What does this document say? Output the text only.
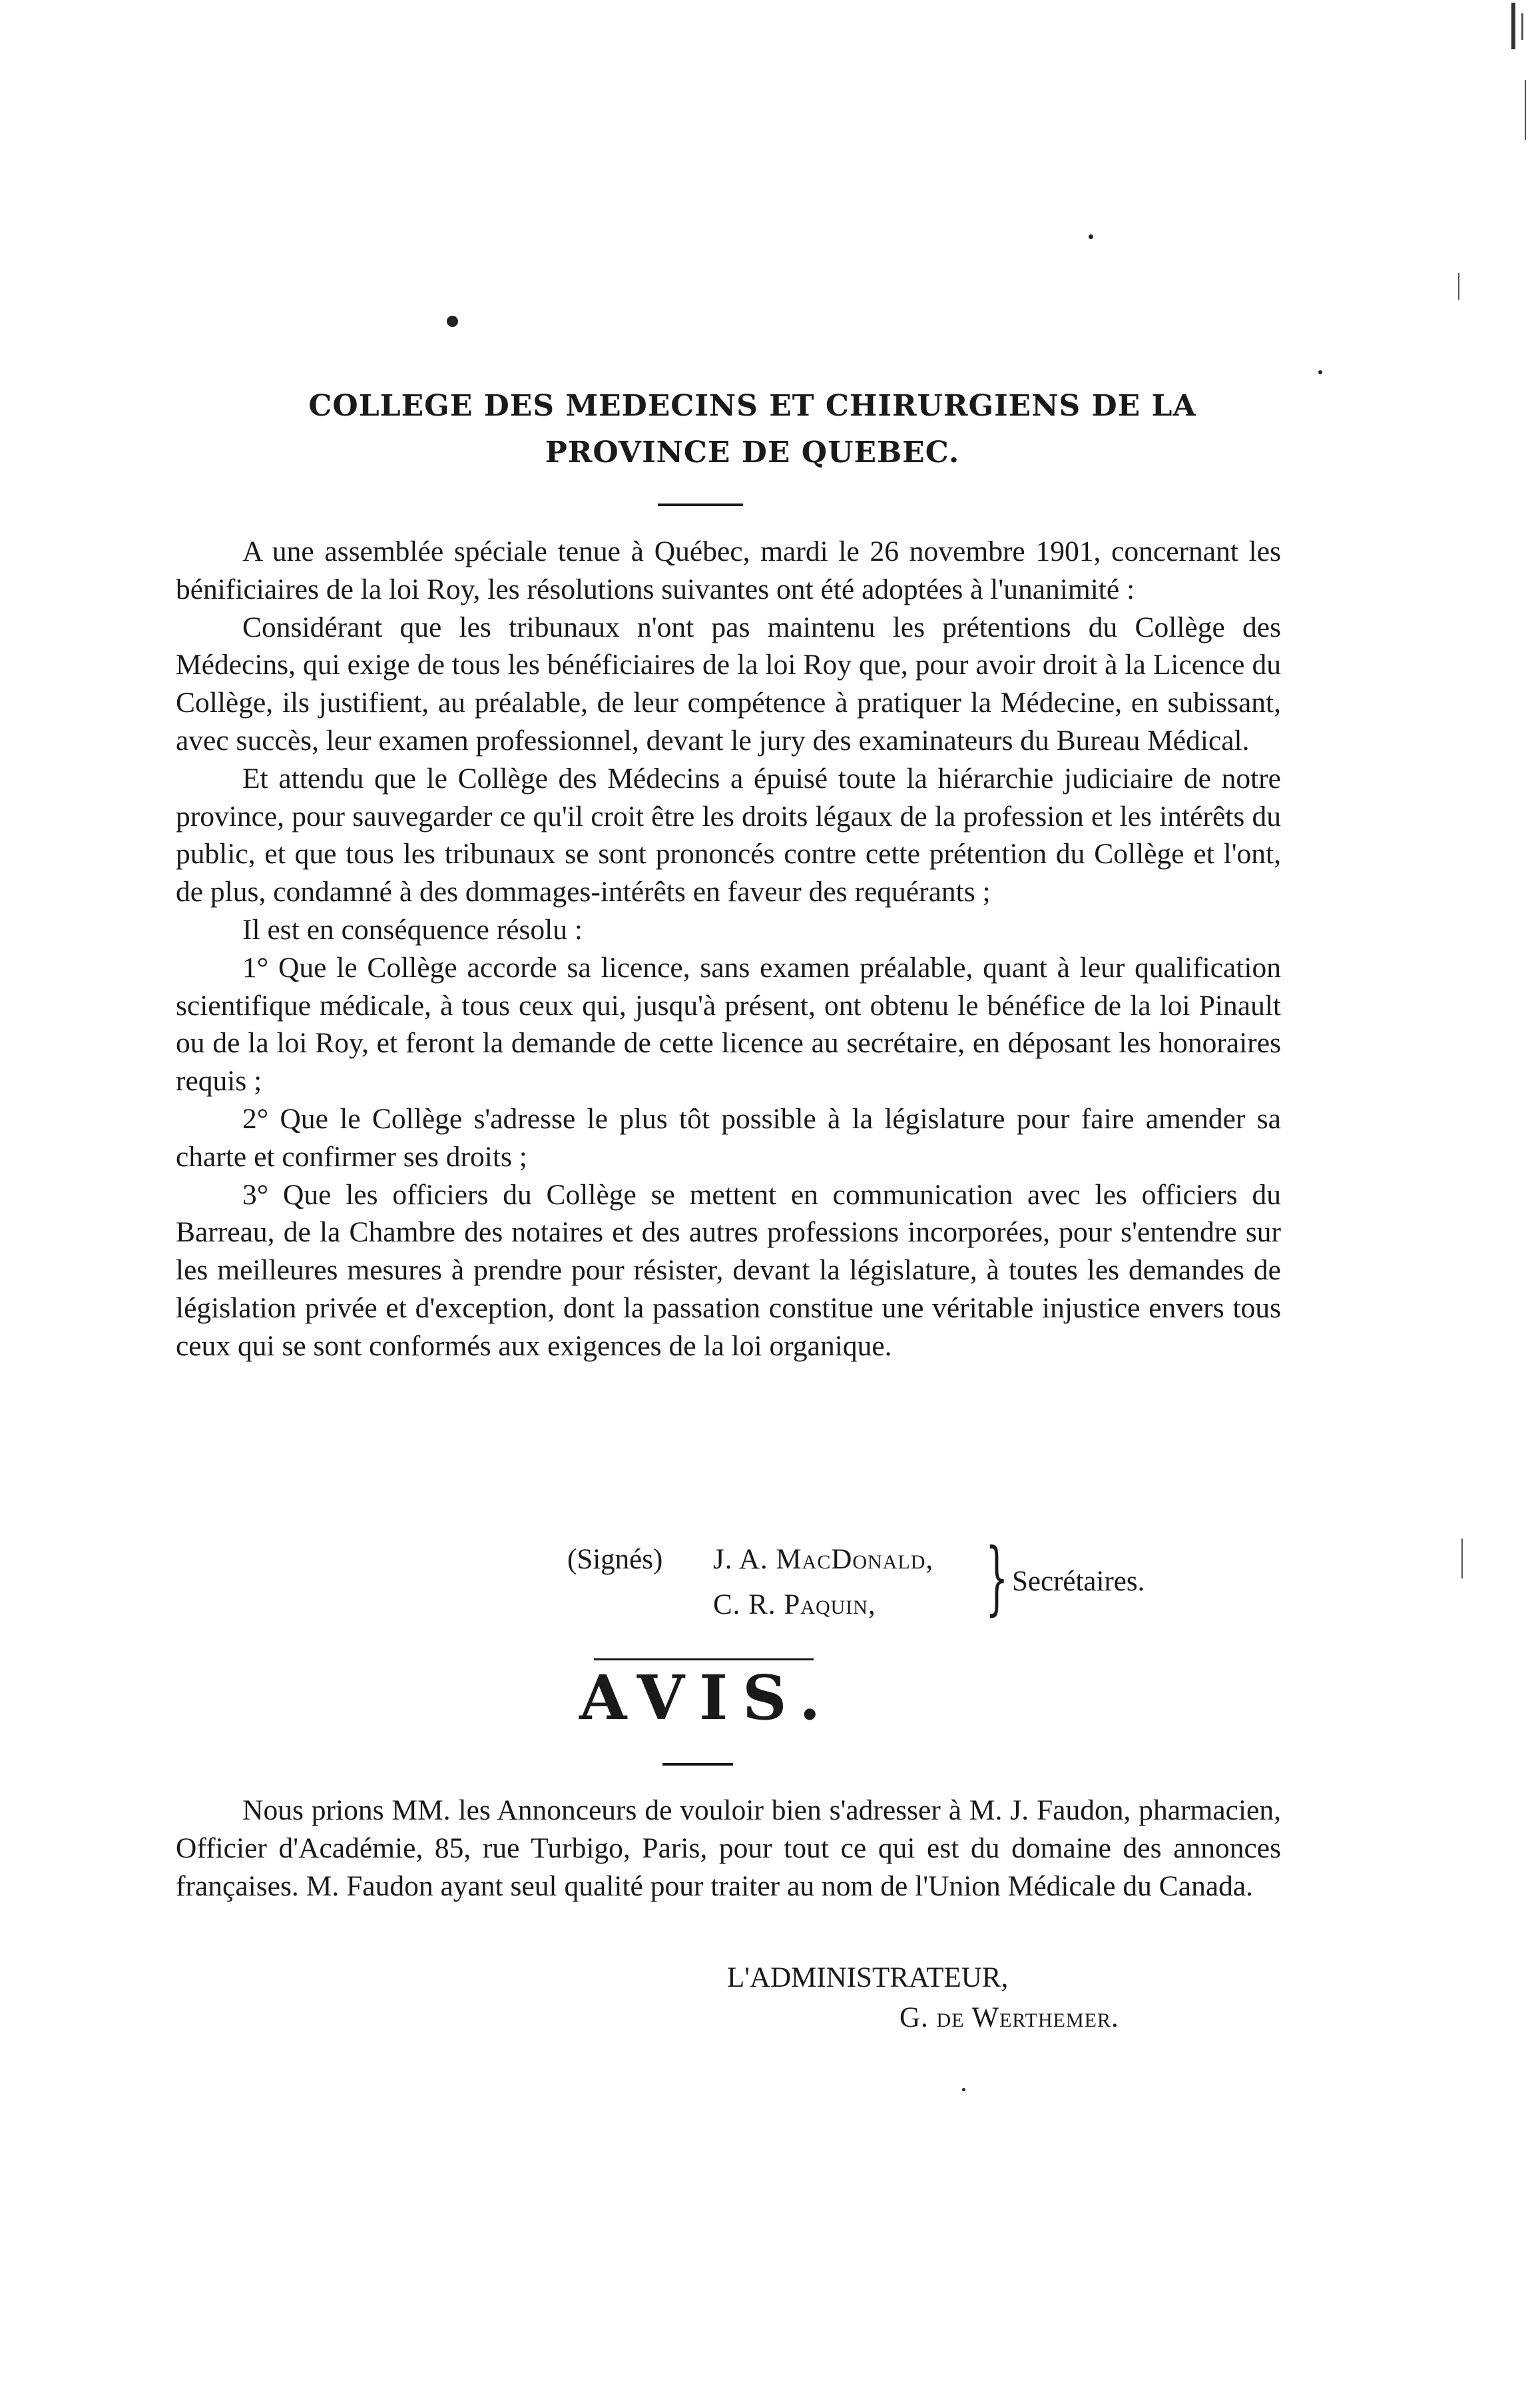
COLLEGE DES MEDECINS ET CHIRURGIENS DE LA
PROVINCE DE QUEBEC.

A une assemblée spéciale tenue à Québec, mardi le 26 novembre 1901, concernant les bénificiaires de la loi Roy, les résolutions suivantes ont été adoptées à l'unanimité :

Considérant que les tribunaux n'ont pas maintenu les prétentions du Collège des Médecins, qui exige de tous les bénéficiaires de la loi Roy que, pour avoir droit à la Licence du Collège, ils justifient, au préalable, de leur compétence à pratiquer la Médecine, en subissant, avec succès, leur examen professionnel, devant le jury des examinateurs du Bureau Médical.

Et attendu que le Collège des Médecins a épuisé toute la hiérarchie judiciaire de notre province, pour sauvegarder ce qu'il croit être les droits légaux de la profession et les intérêts du public, et que tous les tribunaux se sont prononcés contre cette prétention du Collège et l'ont, de plus, condamné à des dommages-intérêts en faveur des requérants ;

Il est en conséquence résolu :

1° Que le Collège accorde sa licence, sans examen préalable, quant à leur qualification scientifique médicale, à tous ceux qui, jusqu'à présent, ont obtenu le bénéfice de la loi Pinault ou de la loi Roy, et feront la demande de cette licence au secrétaire, en déposant les honoraires requis ;

2° Que le Collège s'adresse le plus tôt possible à la législature pour faire amender sa charte et confirmer ses droits ;

3° Que les officiers du Collège se mettent en communication avec les officiers du Barreau, de la Chambre des notaires et des autres professions incorporées, pour s'entendre sur les meilleures mesures à prendre pour résister, devant la législature, à toutes les demandes de législation privée et d'exception, dont la passation constitue une véritable injustice envers tous ceux qui se sont conformés aux exigences de la loi organique.

(Signés) J. A. MacDonald,
C. R. Paquin, } Secrétaires.
AVIS.

Nous prions MM. les Annonceurs de vouloir bien s'adresser à M. J. Faudon, pharmacien, Officier d'Académie, 85, rue Turbigo, Paris, pour tout ce qui est du domaine des annonces françaises. M. Faudon ayant seul qualité pour traiter au nom de l'Union Médicale du Canada.

L'ADMINISTRATEUR,
G. de Werthemer.
